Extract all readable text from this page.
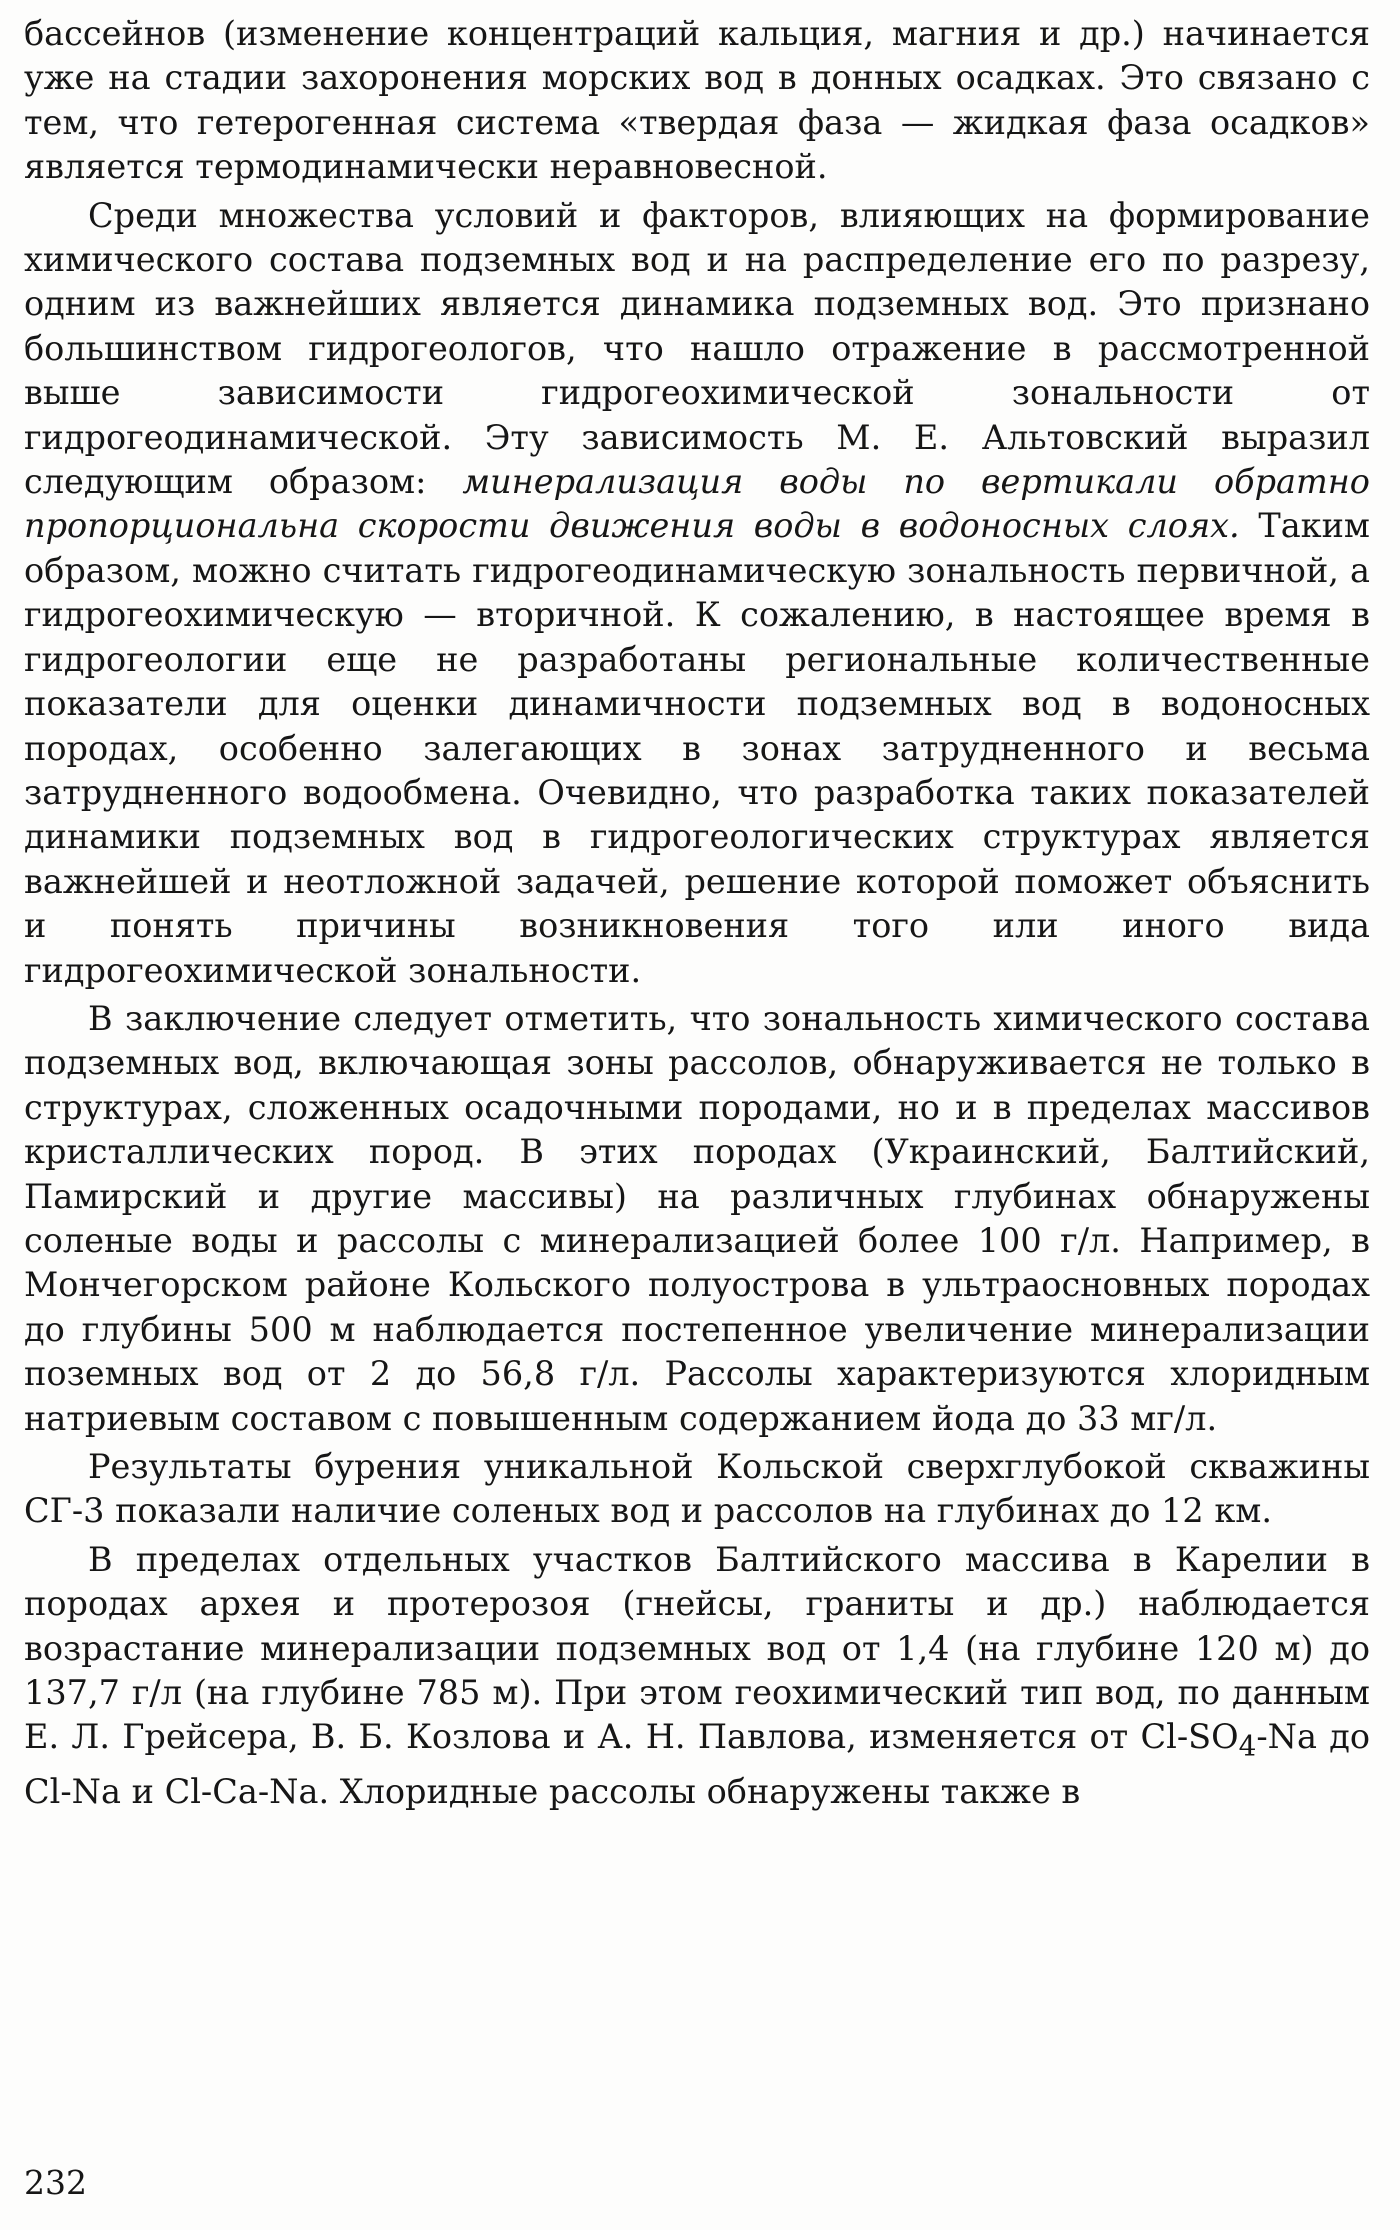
бассейнов (изменение концентраций кальция, магния и др.) начинается уже на стадии захоронения морских вод в донных осадках. Это связано с тем, что гетерогенная система «твердая фаза — жидкая фаза осадков» является термодинамически неравновесной.

Среди множества условий и факторов, влияющих на формирование химического состава подземных вод и на распределение его по разрезу, одним из важнейших является динамика подземных вод. Это признано большинством гидрогеологов, что нашло отражение в рассмотренной выше зависимости гидрогеохимической зональности от гидрогеодинамической. Эту зависимость М. Е. Альтовский выразил следующим образом: минерализация воды по вертикали обратно пропорциональна скорости движения воды в водоносных слоях. Таким образом, можно считать гидрогеодинамическую зональность первичной, а гидрогеохимическую — вторичной. К сожалению, в настоящее время в гидрогеологии еще не разработаны региональные количественные показатели для оценки динамичности подземных вод в водоносных породах, особенно залегающих в зонах затрудненного и весьма затрудненного водообмена. Очевидно, что разработка таких показателей динамики подземных вод в гидрогеологических структурах является важнейшей и неотложной задачей, решение которой поможет объяснить и понять причины возникновения того или иного вида гидрогеохимической зональности.

В заключение следует отметить, что зональность химического состава подземных вод, включающая зоны рассолов, обнаруживается не только в структурах, сложенных осадочными породами, но и в пределах массивов кристаллических пород. В этих породах (Украинский, Балтийский, Памирский и другие массивы) на различных глубинах обнаружены соленые воды и рассолы с минерализацией более 100 г/л. Например, в Мончегорском районе Кольского полуострова в ультраосновных породах до глубины 500 м наблюдается постепенное увеличение минерализации поземных вод от 2 до 56,8 г/л. Рассолы характеризуются хлоридным натриевым составом с повышенным содержанием йода до 33 мг/л.

Результаты бурения уникальной Кольской сверхглубокой скважины СГ-3 показали наличие соленых вод и рассолов на глубинах до 12 км.

В пределах отдельных участков Балтийского массива в Карелии в породах архея и протерозоя (гнейсы, граниты и др.) наблюдается возрастание минерализации подземных вод от 1,4 (на глубине 120 м) до 137,7 г/л (на глубине 785 м). При этом геохимический тип вод, по данным Е. Л. Грейсера, В. Б. Козлова и А. Н. Павлова, изменяется от $Cl-SO_4-Na$ до Cl-Na и Cl-Ca-Na. Хлоридные рассолы обнаружены также в

232
